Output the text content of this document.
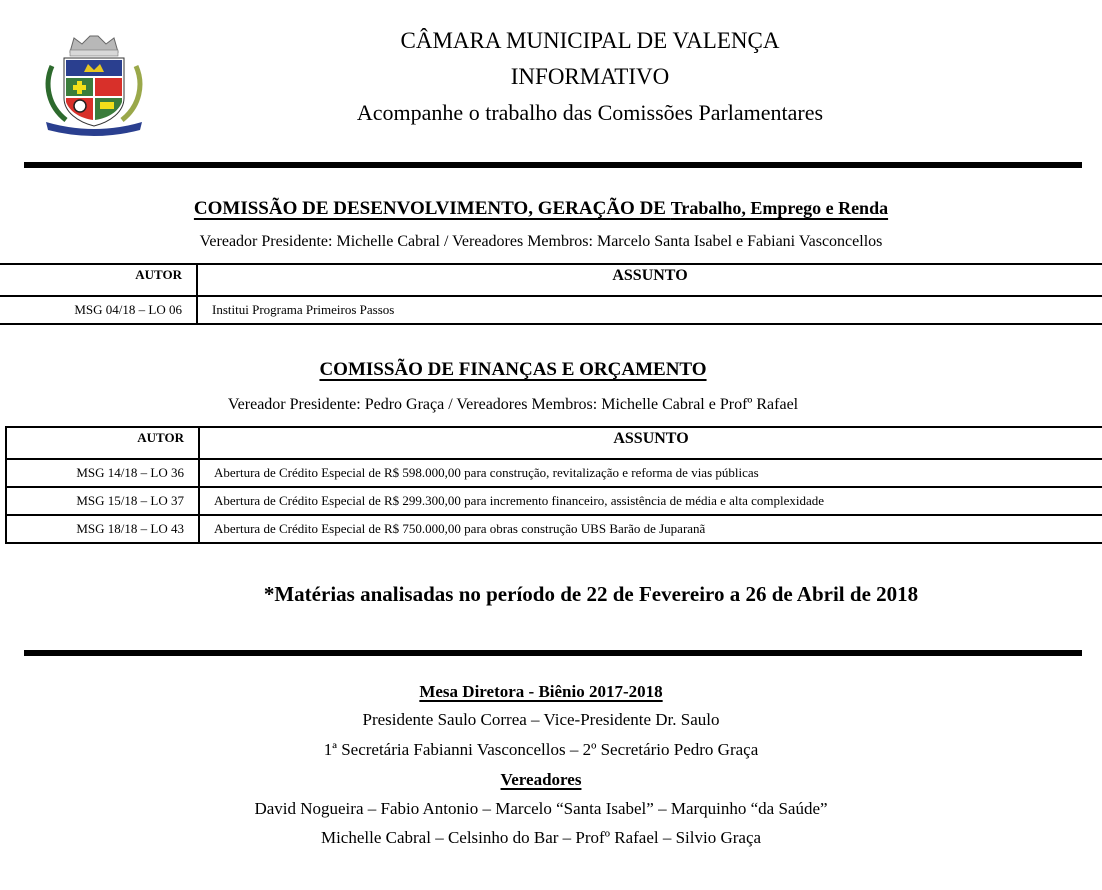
CÂMARA MUNICIPAL DE VALENÇA
INFORMATIVO
Acompanhe o trabalho das Comissões Parlamentares
COMISSÃO DE DESENVOLVIMENTO, GERAÇÃO DE Trabalho, Emprego e Renda
Vereador Presidente: Michelle Cabral / Vereadores Membros: Marcelo Santa Isabel e Fabiani Vasconcellos
AUTOR	ASSUNTO
MSG 04/18 – LO 06	Institui Programa Primeiros Passos
COMISSÃO DE FINANÇAS E ORÇAMENTO
Vereador Presidente: Pedro Graça / Vereadores Membros: Michelle Cabral e Profº Rafael
AUTOR	ASSUNTO
MSG 14/18 – LO 36	Abertura de Crédito Especial de R$ 598.000,00 para construção, revitalização e reforma de vias públicas
MSG 15/18 – LO 37	Abertura de Crédito Especial de R$ 299.300,00 para incremento financeiro, assistência de média e alta complexidade
MSG 18/18 – LO 43	Abertura de Crédito Especial de R$ 750.000,00 para obras construção UBS Barão de Juparanã
*Matérias analisadas no período de 22 de Fevereiro a 26 de Abril de 2018
Mesa Diretora - Biênio 2017-2018
Presidente Saulo Correa – Vice-Presidente Dr. Saulo
1ª Secretária Fabianni Vasconcellos – 2º Secretário Pedro Graça
Vereadores
David Nogueira – Fabio Antonio – Marcelo “Santa Isabel” – Marquinho “da Saúde”
Michelle Cabral – Celsinho do Bar – Profº Rafael – Silvio Graça
